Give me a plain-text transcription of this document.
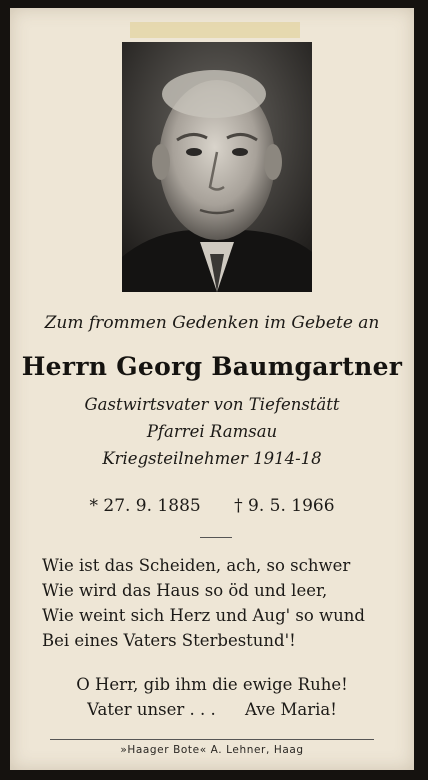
Zum frommen Gedenken im Gebete an
Herrn Georg Baumgartner
Gastwirtsvater von Tiefenstätt
Pfarrei Ramsau
Kriegsteilnehmer 1914-18
* 27. 9. 1885 † 9. 5. 1966
Wie ist das Scheiden, ach, so schwer
Wie wird das Haus so öd und leer,
Wie weint sich Herz und Aug' so wund
Bei eines Vaters Sterbestund'!
O Herr, gib ihm die ewige Ruhe!
Vater unser . . . Ave Maria!
»Haager Bote« A. Lehner, Haag
